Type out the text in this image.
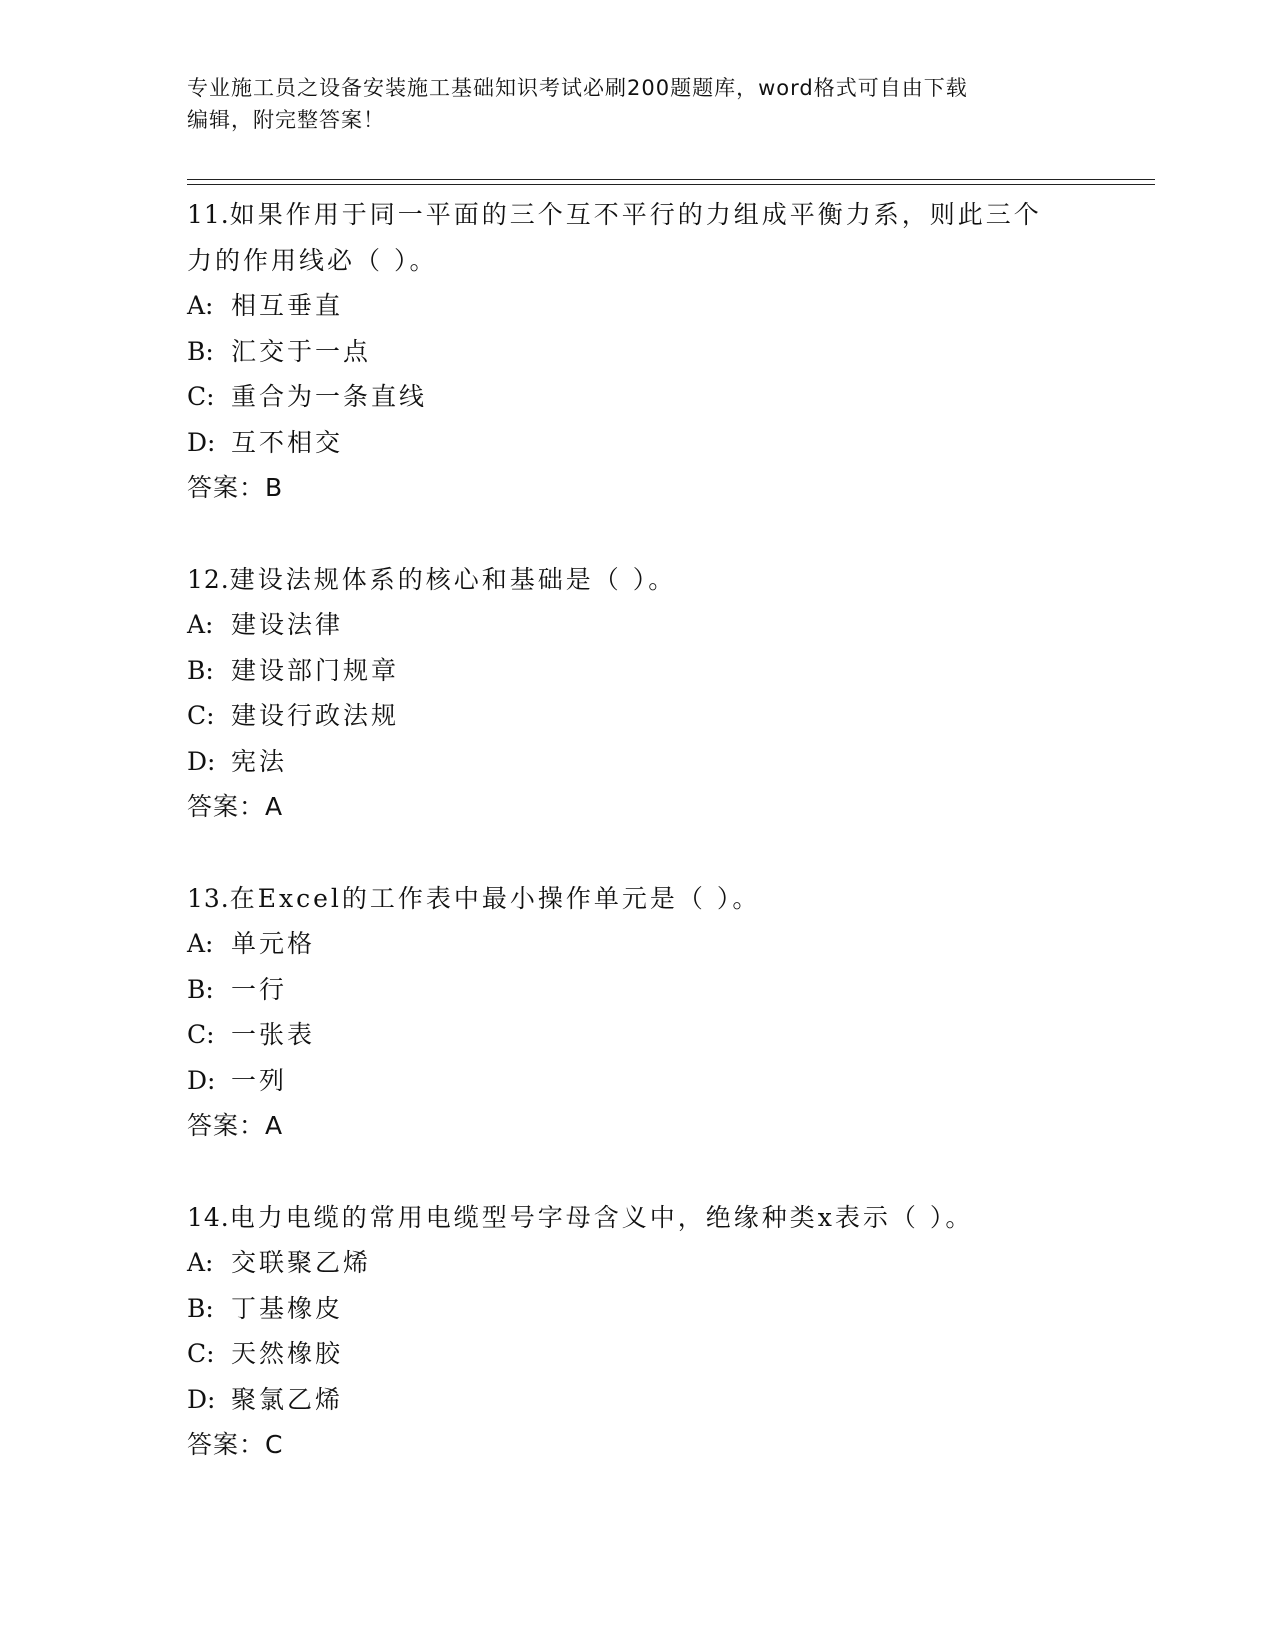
专业施工员之设备安装施工基础知识考试必刷200题题库，word格式可自由下载
编辑，附完整答案！
11.如果作用于同一平面的三个互不平行的力组成平衡力系，则此三个
力的作用线必（ ）。
A: 相互垂直
B: 汇交于一点
C: 重合为一条直线
D: 互不相交
答案：B
12.建设法规体系的核心和基础是（ ）。
A: 建设法律
B: 建设部门规章
C: 建设行政法规
D: 宪法
答案：A
13.在Excel的工作表中最小操作单元是（ ）。
A: 单元格
B: 一行
C: 一张表
D: 一列
答案：A
14.电力电缆的常用电缆型号字母含义中，绝缘种类x表示（ ）。
A: 交联聚乙烯
B: 丁基橡皮
C: 天然橡胶
D: 聚氯乙烯
答案：C
